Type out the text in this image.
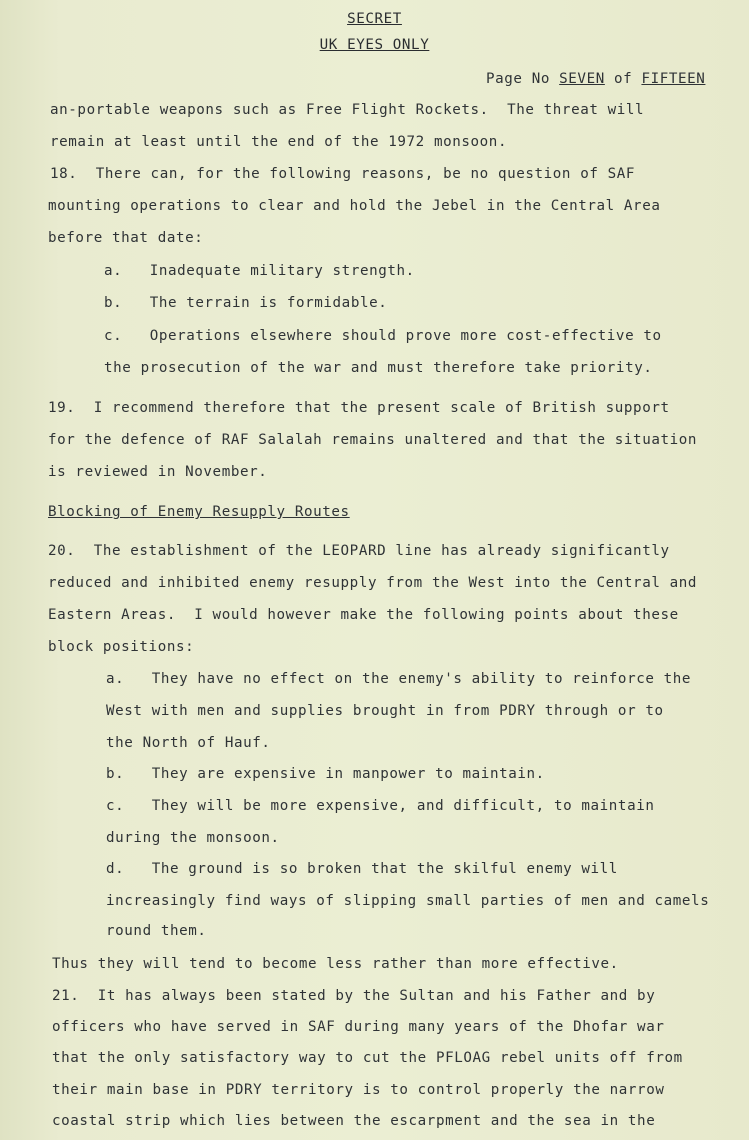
SECRET
UK EYES ONLY
Page No SEVEN of FIFTEEN
an-portable weapons such as Free Flight Rockets.  The threat will
remain at least until the end of the 1972 monsoon.
18.  There can, for the following reasons, be no question of SAF
mounting operations to clear and hold the Jebel in the Central Area
before that date:
a.   Inadequate military strength.
b.   The terrain is formidable.
c.   Operations elsewhere should prove more cost-effective to
the prosecution of the war and must therefore take priority.
19.  I recommend therefore that the present scale of British support
for the defence of RAF Salalah remains unaltered and that the situation
is reviewed in November.
Blocking of Enemy Resupply Routes
20.  The establishment of the LEOPARD line has already significantly
reduced and inhibited enemy resupply from the West into the Central and
Eastern Areas.  I would however make the following points about these
block positions:
a.   They have no effect on the enemy's ability to reinforce the
West with men and supplies brought in from PDRY through or to
the North of Hauf.
b.   They are expensive in manpower to maintain.
c.   They will be more expensive, and difficult, to maintain
during the monsoon.
d.   The ground is so broken that the skilful enemy will
increasingly find ways of slipping small parties of men and camels
round them.
Thus they will tend to become less rather than more effective.
21.  It has always been stated by the Sultan and his Father and by
officers who have served in SAF during many years of the Dhofar war
that the only satisfactory way to cut the PFLOAG rebel units off from
their main base in PDRY territory is to control properly the narrow
coastal strip which lies between the escarpment and the sea in the
